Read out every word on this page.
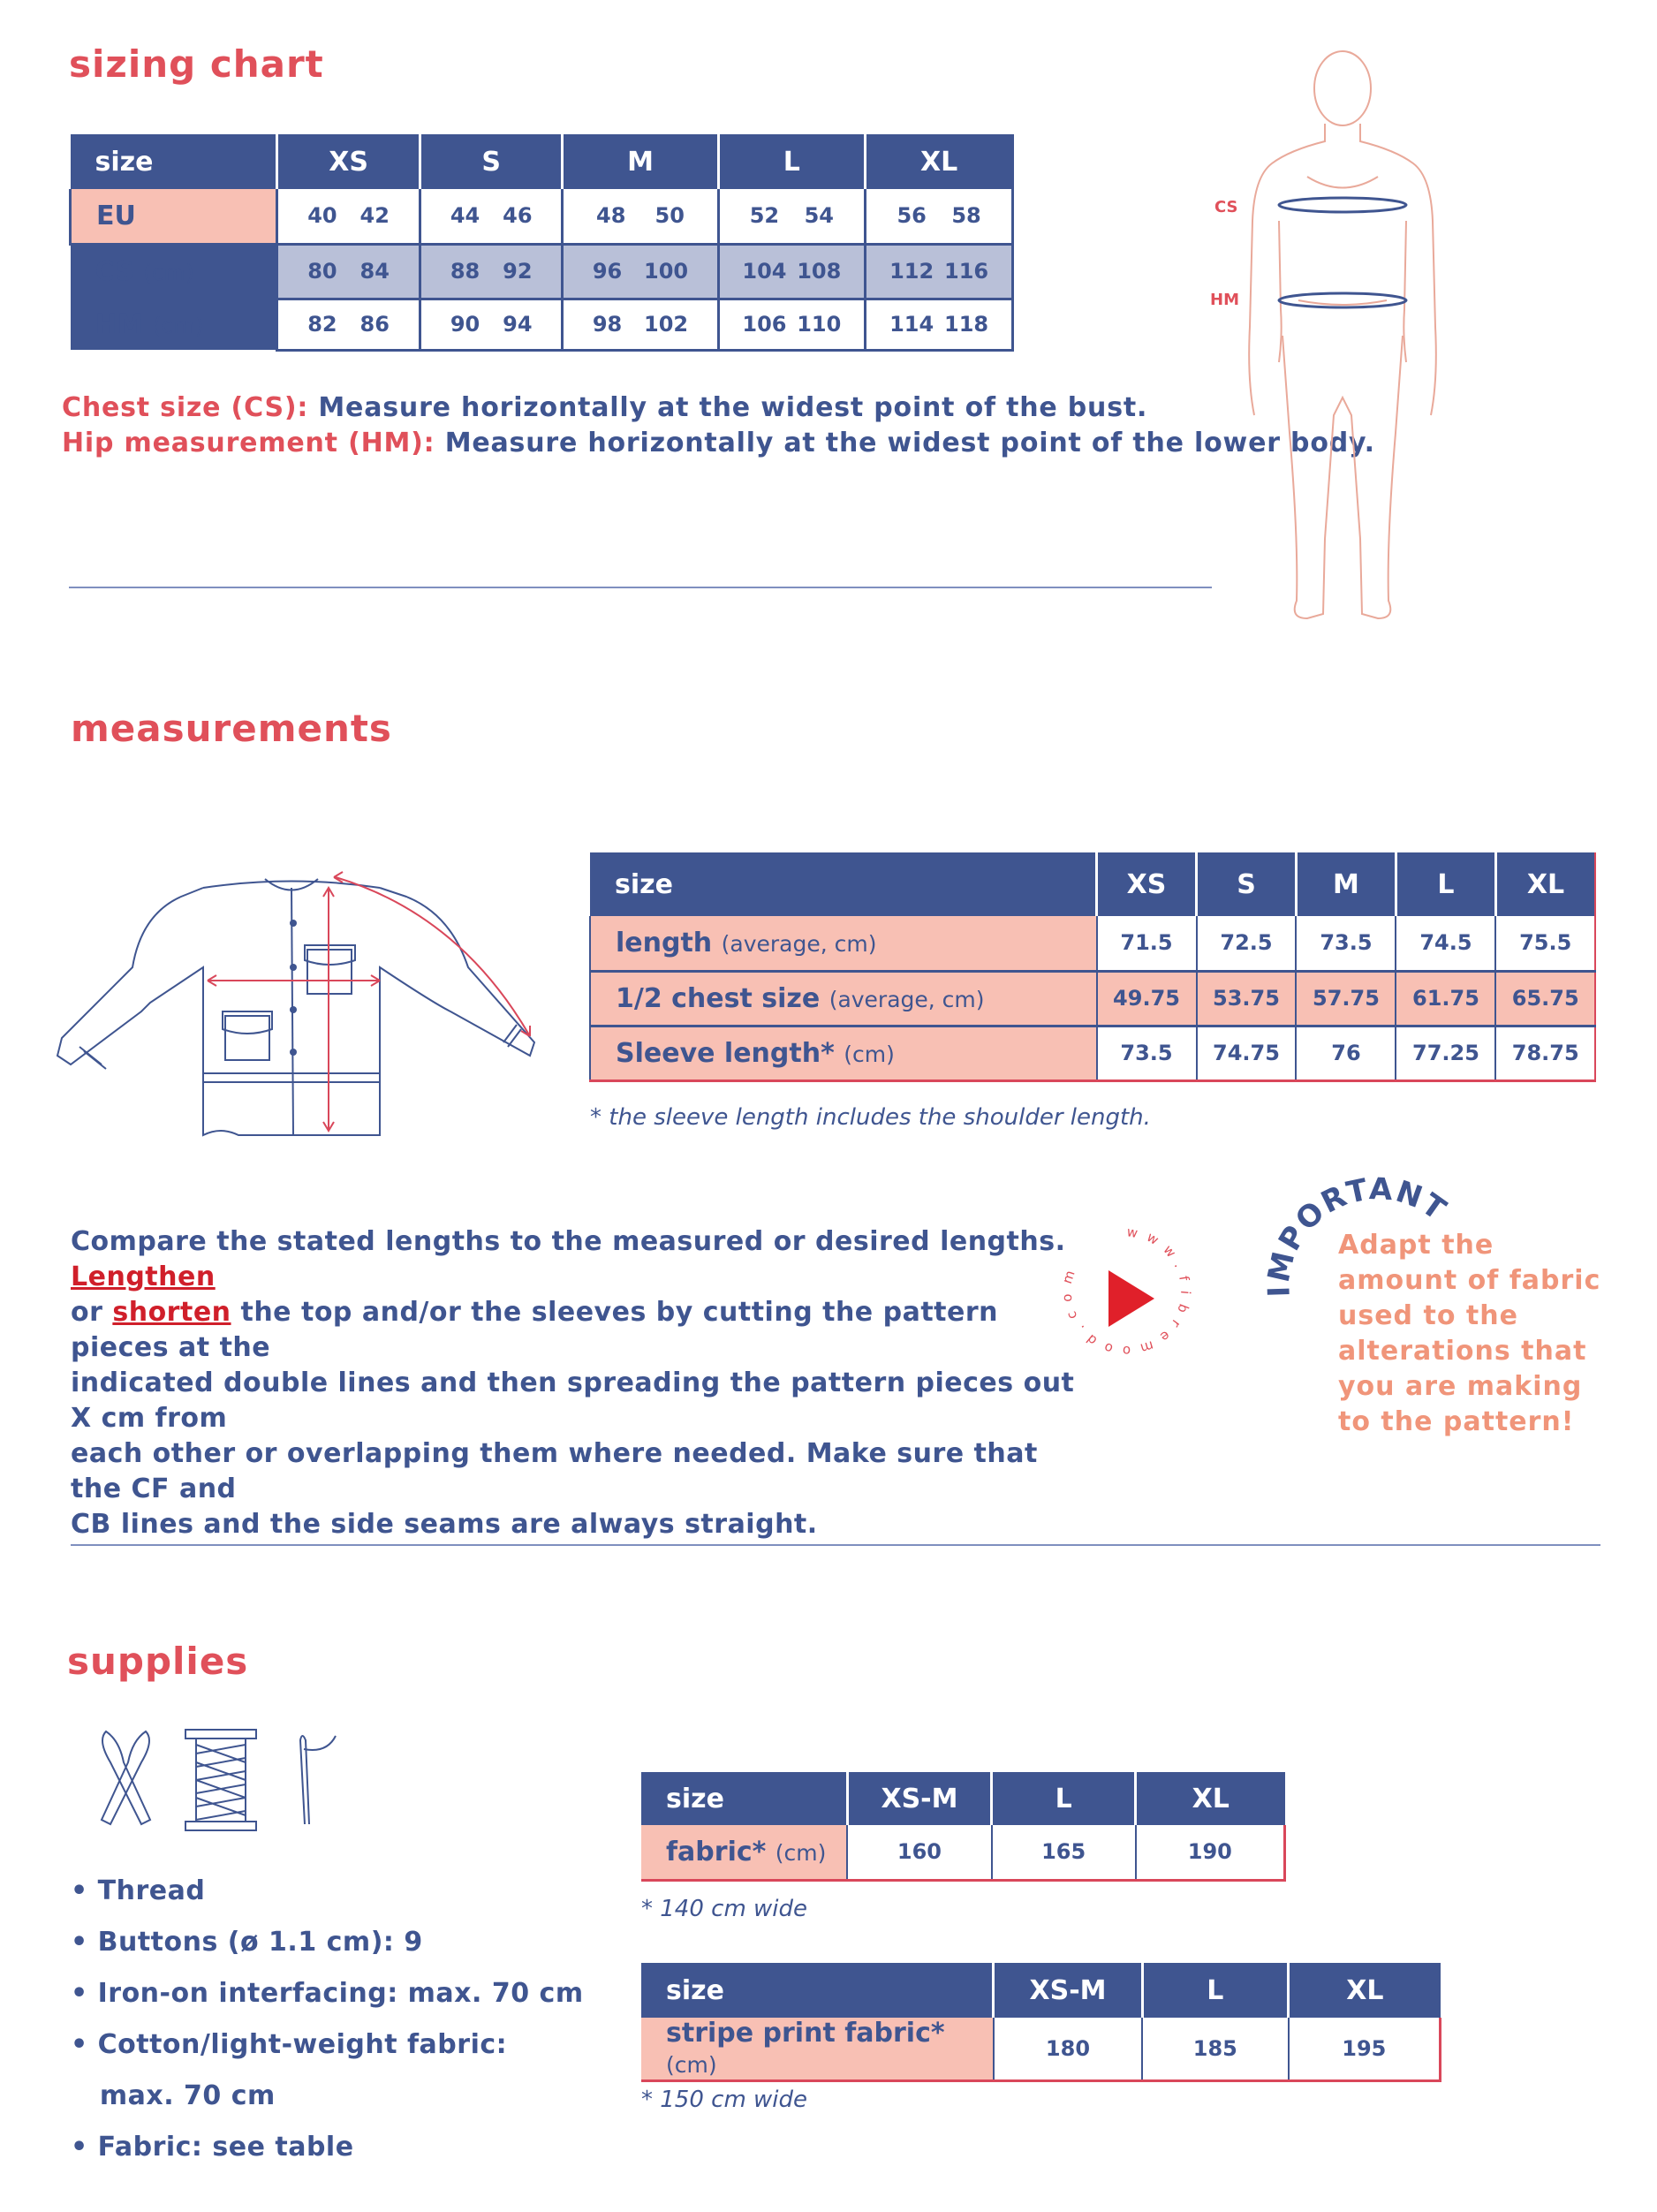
sizing chart
size	XS	S	M	L	XL
EU	40 42	44 46	48 50	52 54	56 58

CS (cm)	80 84	88 92	96 100	104 108	112 116

HM (cm)	82 86	90 94	98 102	106 110	114 118
Chest size (CS): Measure horizontally at the widest point of the bust.
Hip measurement (HM): Measure horizontally at the widest point of the lower body.
CS
HM
measurements
size	XS	S	M	L	XL
length (average, cm)	71.5	72.5	73.5	74.5	75.5
1/2 chest size (average, cm)	49.75	53.75	57.75	61.75	65.75
Sleeve length* (cm)	73.5	74.75	76	77.25	78.75
* the sleeve length includes the shoulder length.
Compare the stated lengths to the measured or desired lengths. Lengthen
or shorten the top and/or the sleeves by cutting the pattern pieces at the
indicated double lines and then spreading the pattern pieces out X cm from
each other or overlapping them where needed. Make sure that the CF and
CB lines and the side seams are always straight.
www.fibremood.com
IMPORTANT
Adapt the
amount of fabric
used to the
alterations that
you are making
to the pattern!
supplies
• Thread
• Buttons (ø 1.1 cm): 9
• Iron-on interfacing: max. 70 cm
• Cotton/light-weight fabric:
max. 70 cm
• Fabric: see table
size	XS-M	L	XL
fabric* (cm)	160	165	190
* 140 cm wide
size	XS-M	L	XL
stripe print fabric* (cm)	180	185	195
* 150 cm wide
